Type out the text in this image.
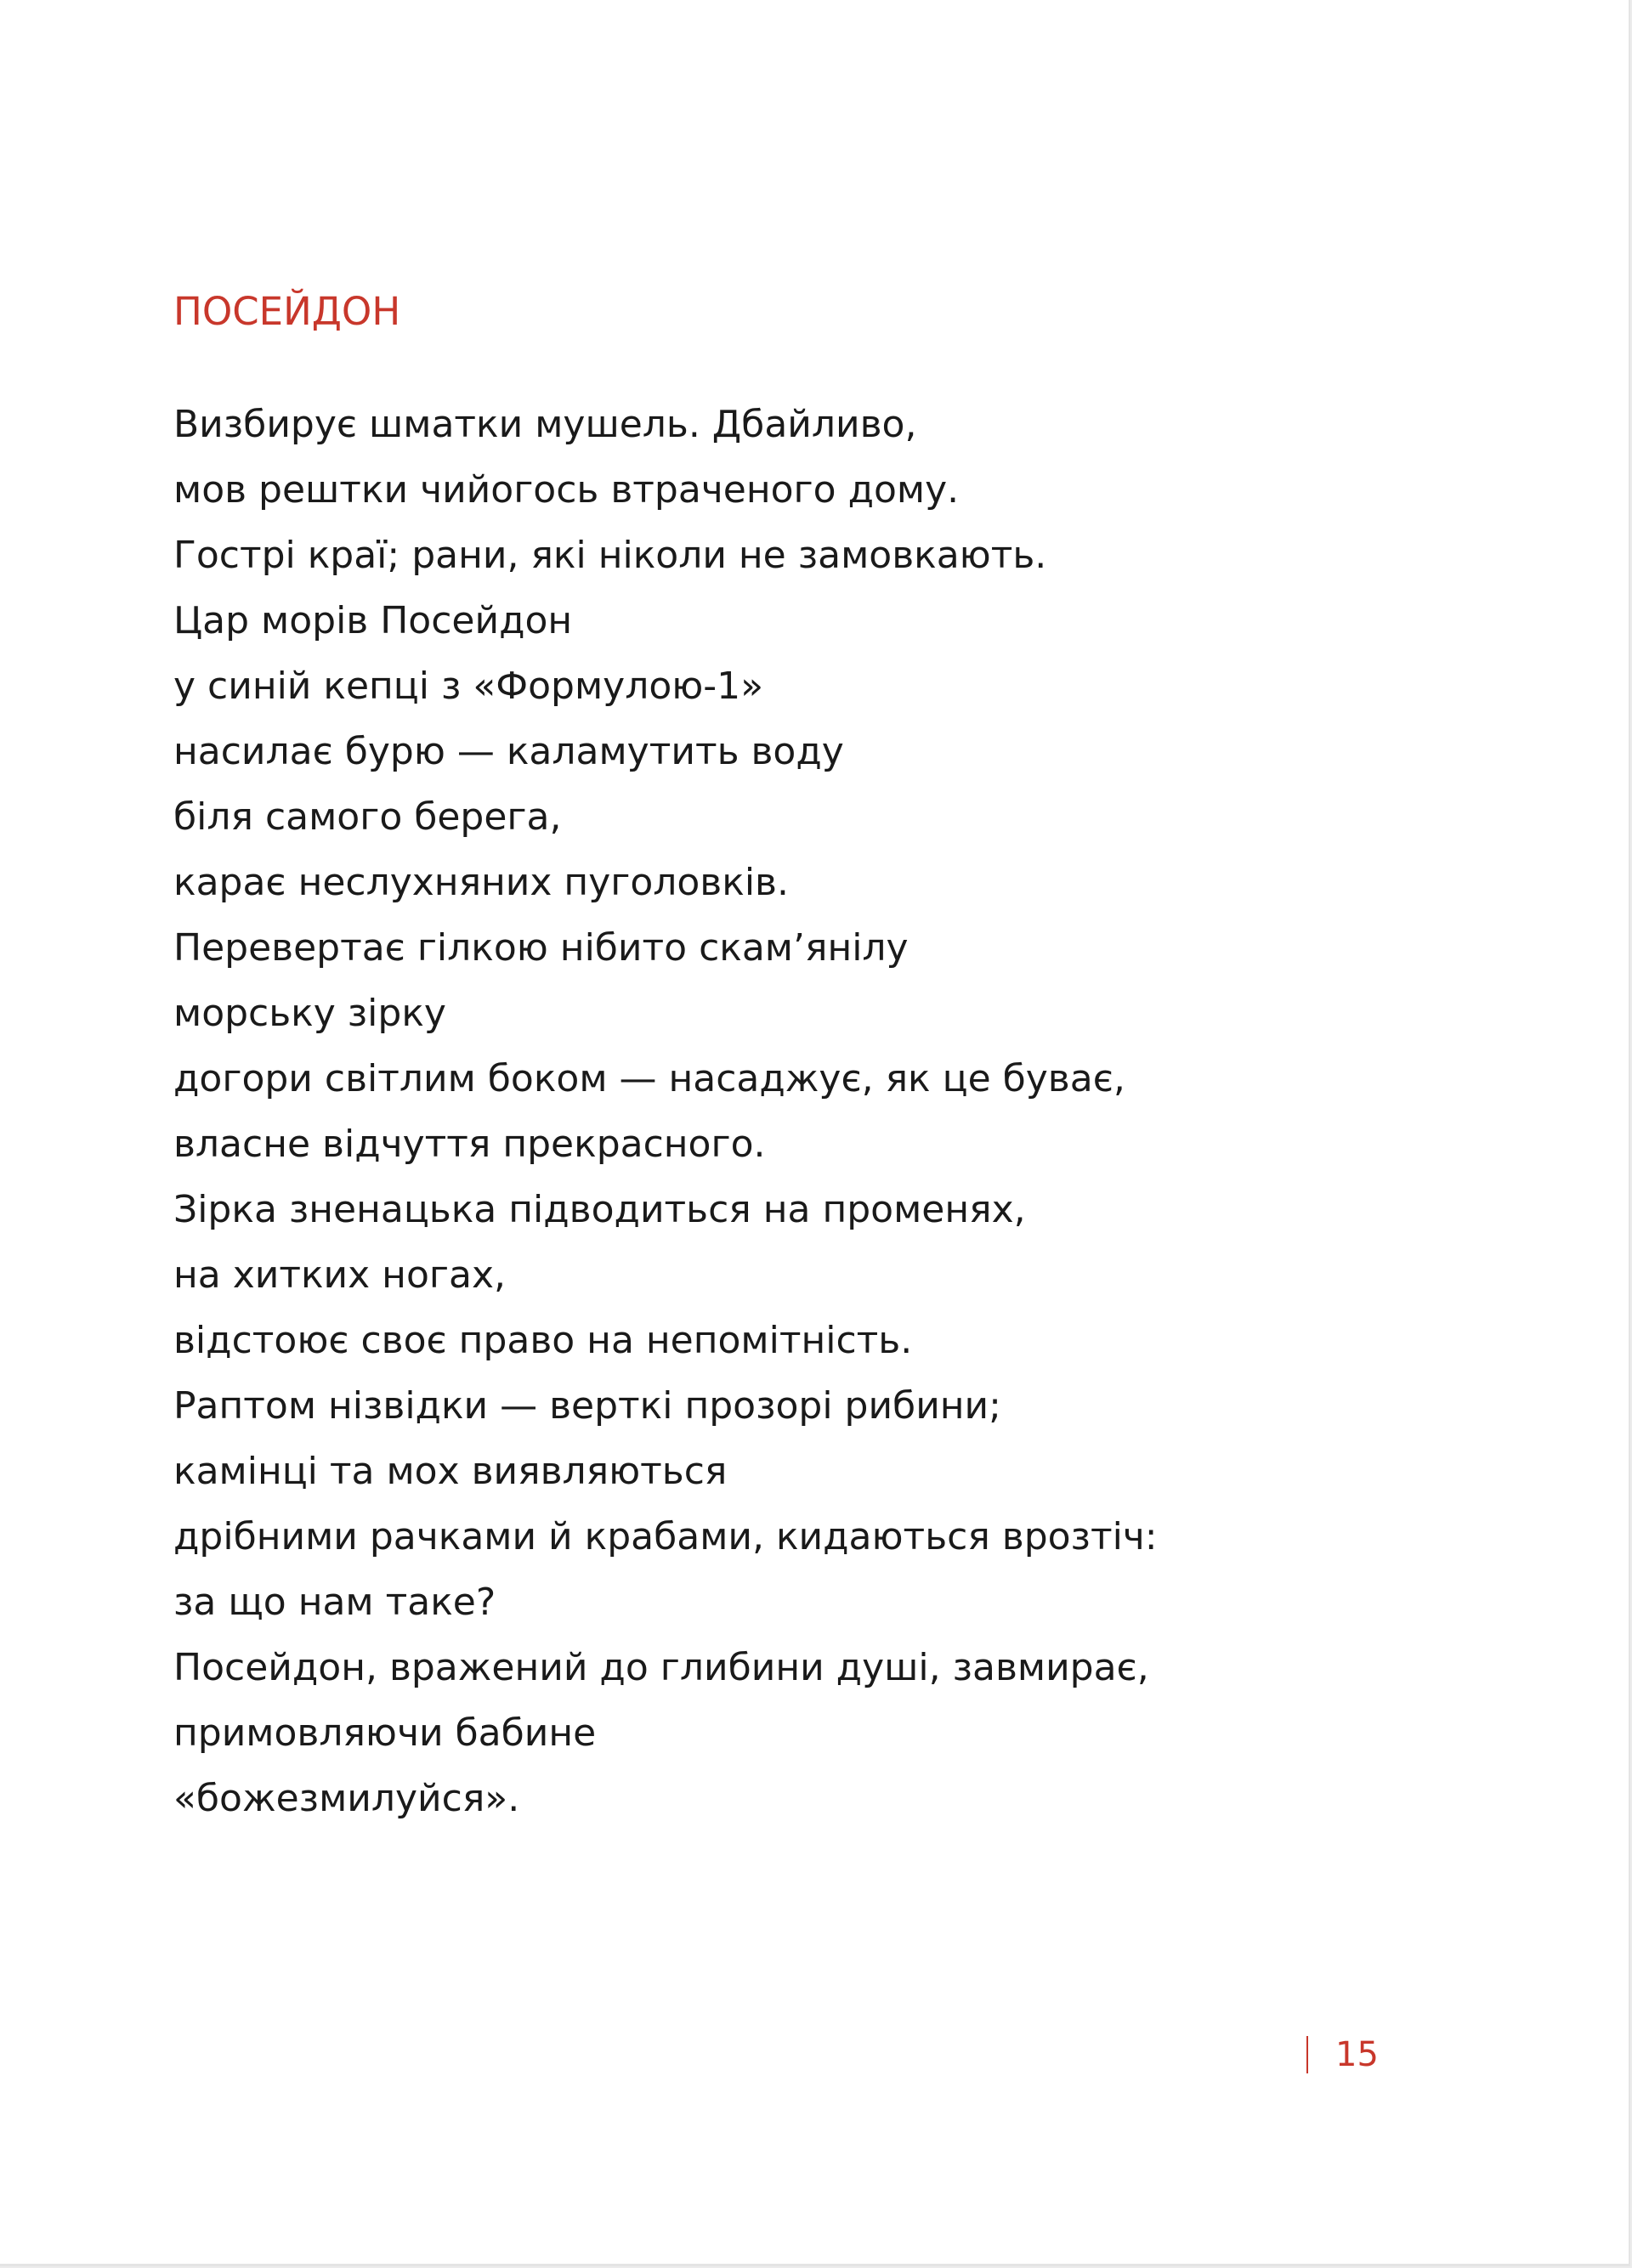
ПОСЕЙДОН
Визбирує шматки мушель. Дбайливо,
мов рештки чийогось втраченого дому.
Гострі краї; рани, які ніколи не замовкають.
Цар морів Посейдон
у синій кепці з «Формулою-1»
насилає бурю — каламутить воду
біля самого берега,
карає неслухняних пуголовків.
Перевертає гілкою нібито скам’янілу
морську зірку
догори світлим боком — насаджує, як це буває,
власне відчуття прекрасного.
Зірка зненацька підводиться на променях,
на хитких ногах,
відстоює своє право на непомітність.
Раптом нізвідки — верткі прозорі рибини;
камінці та мох виявляються
дрібними рачками й крабами, кидаються врозтіч:
за що нам таке?
Посейдон, вражений до глибини душі, завмирає,
примовляючи бабине
«божезмилуйся».
15
